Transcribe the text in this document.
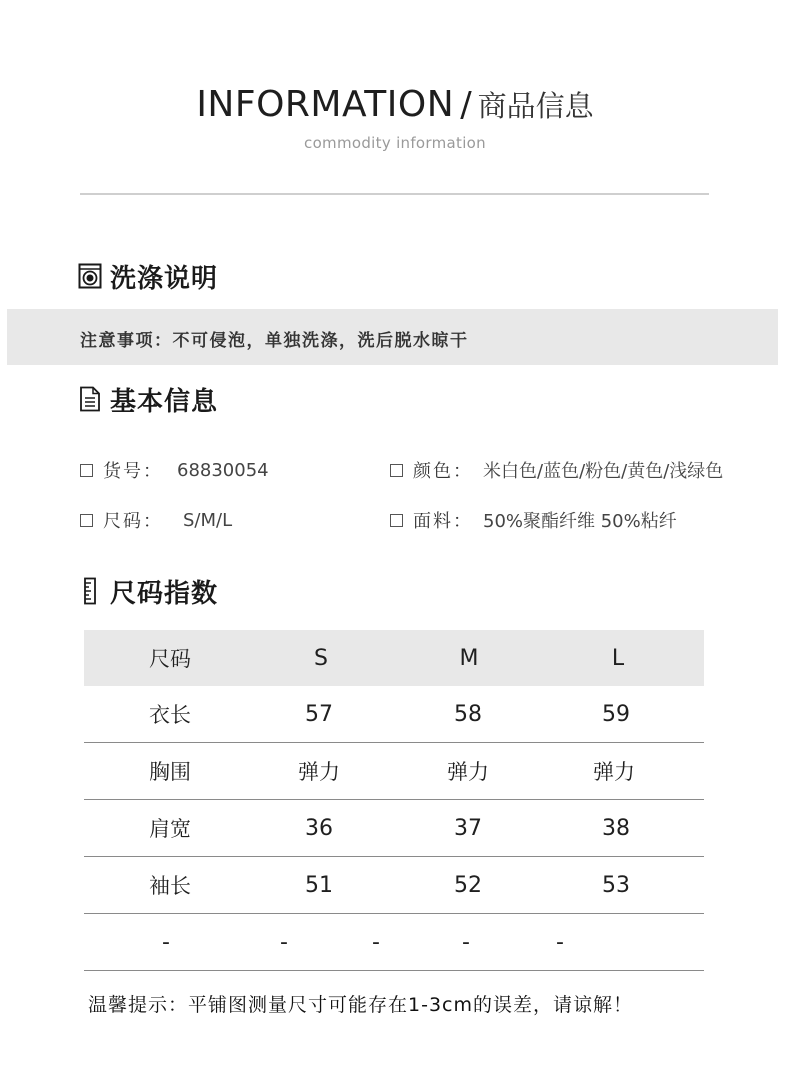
INFORMATION / 商品信息
commodity information
洗涤说明
注意事项：不可侵泡，单独洗涤，洗后脱水晾干
基本信息
货号： 68830054	颜色： 米白色/蓝色/粉色/黄色/浅绿色
尺码： S/M/L	面料： 50%聚酯纤维 50%粘纤
尺码指数
尺码	S	M	L
衣长	57	58	59
胸围	弹力	弹力	弹力
肩宽	36	37	38
袖长	51	52	53
-	-	-	-	-
温馨提示：平铺图测量尺寸可能存在1-3cm的误差，请谅解！
